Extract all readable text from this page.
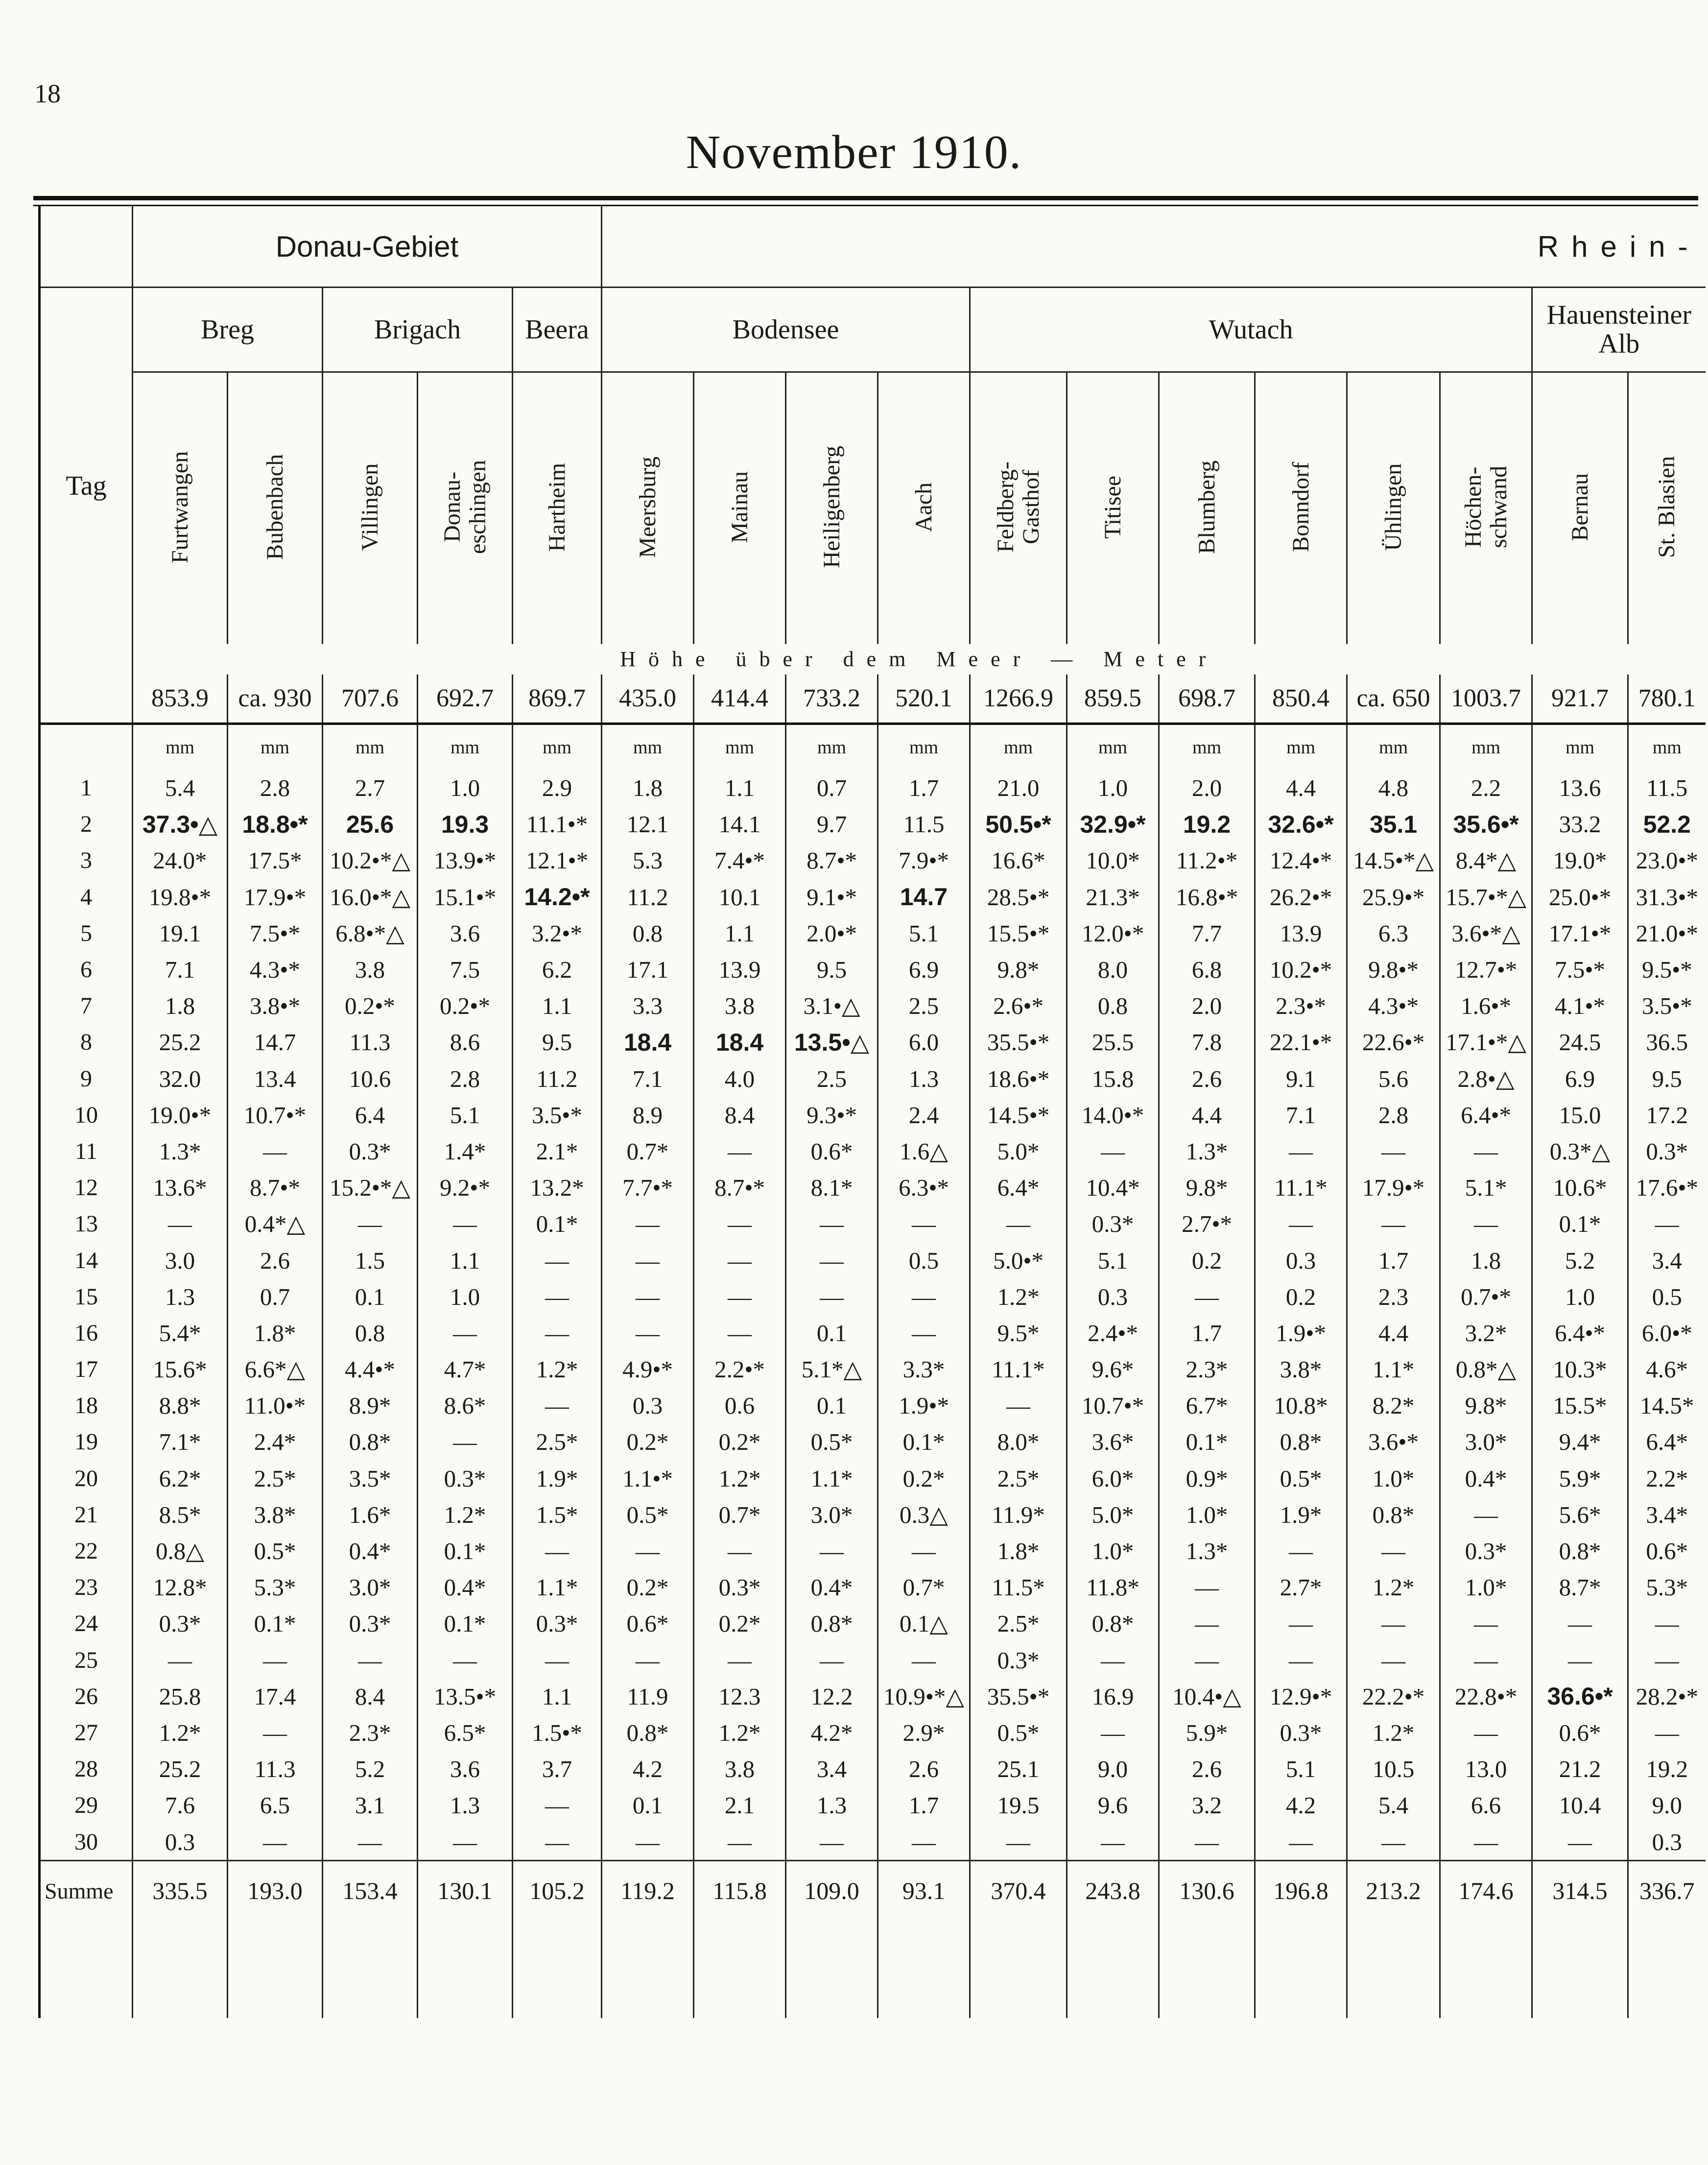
18
November 1910.
	Donau-Gebiet					Rhein-											
	Breg		Brigach		Beera	Bodensee				Wutach						Hauensteiner Alb	
Tag	Furtwangen	Bubenbach	Villingen	Donau-eschingen	Hartheim	Meersburg	Mainau	Heiligenberg	Aach	Feldberg-Gasthof	Titisee	Blumberg	Bonndorf	Ühlingen	Höchen-schwand	Bernau	St. Blasien
	Höhe über dem Meer — Meter																
	853.9	ca. 930	707.6	692.7	869.7	435.0	414.4	733.2	520.1	1266.9	859.5	698.7	850.4	ca. 650	1003.7	921.7	780.1
	mm	mm	mm	mm	mm	mm	mm	mm	mm	mm	mm	mm	mm	mm	mm	mm	mm
1	5.4	2.8	2.7	1.0	2.9	1.8	1.1	0.7	1.7	21.0	1.0	2.0	4.4	4.8	2.2	13.6	11.5
2	37.3•△	18.8•*	25.6	19.3	11.1•*	12.1	14.1	9.7	11.5	50.5•*	32.9•*	19.2	32.6•*	35.1	35.6•*	33.2	52.2
3	24.0*	17.5*	10.2•*△	13.9•*	12.1•*	5.3	7.4•*	8.7•*	7.9•*	16.6*	10.0*	11.2•*	12.4•*	14.5•*△	8.4*△	19.0*	23.0•*
4	19.8•*	17.9•*	16.0•*△	15.1•*	14.2•*	11.2	10.1	9.1•*	14.7	28.5•*	21.3*	16.8•*	26.2•*	25.9•*	15.7•*△	25.0•*	31.3•*
5	19.1	7.5•*	6.8•*△	3.6	3.2•*	0.8	1.1	2.0•*	5.1	15.5•*	12.0•*	7.7	13.9	6.3	3.6•*△	17.1•*	21.0•*
6	7.1	4.3•*	3.8	7.5	6.2	17.1	13.9	9.5	6.9	9.8*	8.0	6.8	10.2•*	9.8•*	12.7•*	7.5•*	9.5•*
7	1.8	3.8•*	0.2•*	0.2•*	1.1	3.3	3.8	3.1•△	2.5	2.6•*	0.8	2.0	2.3•*	4.3•*	1.6•*	4.1•*	3.5•*
8	25.2	14.7	11.3	8.6	9.5	18.4	18.4	13.5•△	6.0	35.5•*	25.5	7.8	22.1•*	22.6•*	17.1•*△	24.5	36.5
9	32.0	13.4	10.6	2.8	11.2	7.1	4.0	2.5	1.3	18.6•*	15.8	2.6	9.1	5.6	2.8•△	6.9	9.5
10	19.0•*	10.7•*	6.4	5.1	3.5•*	8.9	8.4	9.3•*	2.4	14.5•*	14.0•*	4.4	7.1	2.8	6.4•*	15.0	17.2
11	1.3*	—	0.3*	1.4*	2.1*	0.7*	—	0.6*	1.6△	5.0*	—	1.3*	—	—	—	0.3*△	0.3*
12	13.6*	8.7•*	15.2•*△	9.2•*	13.2*	7.7•*	8.7•*	8.1*	6.3•*	6.4*	10.4*	9.8*	11.1*	17.9•*	5.1*	10.6*	17.6•*
13	—	0.4*△	—	—	0.1*	—	—	—	—	—	0.3*	2.7•*	—	—	—	0.1*	—
14	3.0	2.6	1.5	1.1	—	—	—	—	0.5	5.0•*	5.1	0.2	0.3	1.7	1.8	5.2	3.4
15	1.3	0.7	0.1	1.0	—	—	—	—	—	1.2*	0.3	—	0.2	2.3	0.7•*	1.0	0.5
16	5.4*	1.8*	0.8	—	—	—	—	0.1	—	9.5*	2.4•*	1.7	1.9•*	4.4	3.2*	6.4•*	6.0•*
17	15.6*	6.6*△	4.4•*	4.7*	1.2*	4.9•*	2.2•*	5.1*△	3.3*	11.1*	9.6*	2.3*	3.8*	1.1*	0.8*△	10.3*	4.6*
18	8.8*	11.0•*	8.9*	8.6*	—	0.3	0.6	0.1	1.9•*	—	10.7•*	6.7*	10.8*	8.2*	9.8*	15.5*	14.5*
19	7.1*	2.4*	0.8*	—	2.5*	0.2*	0.2*	0.5*	0.1*	8.0*	3.6*	0.1*	0.8*	3.6•*	3.0*	9.4*	6.4*
20	6.2*	2.5*	3.5*	0.3*	1.9*	1.1•*	1.2*	1.1*	0.2*	2.5*	6.0*	0.9*	0.5*	1.0*	0.4*	5.9*	2.2*
21	8.5*	3.8*	1.6*	1.2*	1.5*	0.5*	0.7*	3.0*	0.3△	11.9*	5.0*	1.0*	1.9*	0.8*	—	5.6*	3.4*
22	0.8△	0.5*	0.4*	0.1*	—	—	—	—	—	1.8*	1.0*	1.3*	—	—	0.3*	0.8*	0.6*
23	12.8*	5.3*	3.0*	0.4*	1.1*	0.2*	0.3*	0.4*	0.7*	11.5*	11.8*	—	2.7*	1.2*	1.0*	8.7*	5.3*
24	0.3*	0.1*	0.3*	0.1*	0.3*	0.6*	0.2*	0.8*	0.1△	2.5*	0.8*	—	—	—	—	—	—
25	—	—	—	—	—	—	—	—	—	0.3*	—	—	—	—	—	—	—
26	25.8	17.4	8.4	13.5•*	1.1	11.9	12.3	12.2	10.9•*△	35.5•*	16.9	10.4•△	12.9•*	22.2•*	22.8•*	36.6•*	28.2•*
27	1.2*	—	2.3*	6.5*	1.5•*	0.8*	1.2*	4.2*	2.9*	0.5*	—	5.9*	0.3*	1.2*	—	0.6*	—
28	25.2	11.3	5.2	3.6	3.7	4.2	3.8	3.4	2.6	25.1	9.0	2.6	5.1	10.5	13.0	21.2	19.2
29	7.6	6.5	3.1	1.3	—	0.1	2.1	1.3	1.7	19.5	9.6	3.2	4.2	5.4	6.6	10.4	9.0
30	0.3	—	—	—	—	—	—	—	—	—	—	—	—	—	—	—	0.3
Summe	335.5	193.0	153.4	130.1	105.2	119.2	115.8	109.0	93.1	370.4	243.8	130.6	196.8	213.2	174.6	314.5	336.7
